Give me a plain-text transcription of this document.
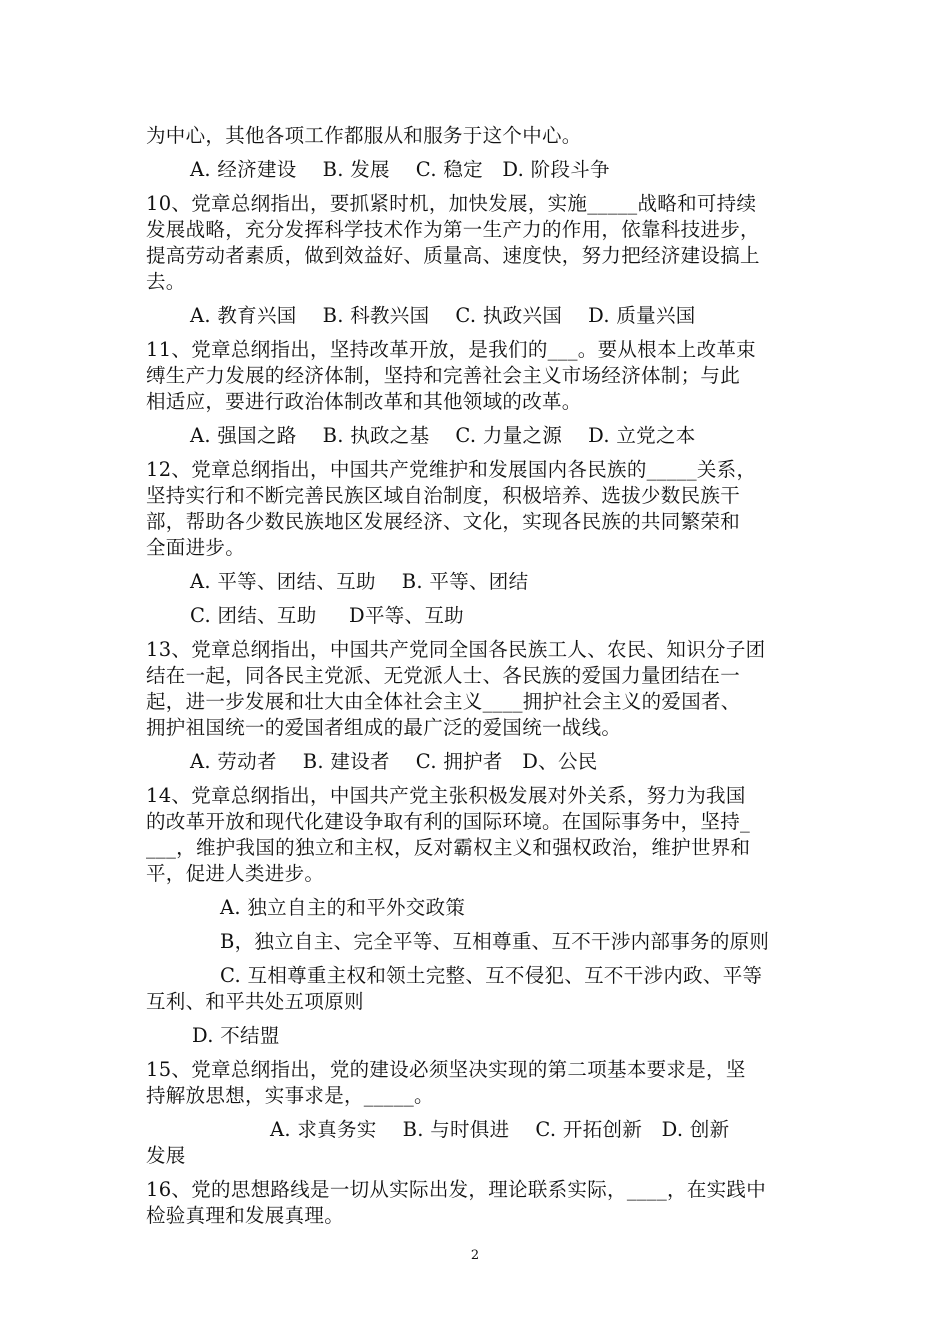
为中心，其他各项工作都服从和服务于这个中心。
A. 经济建设    B. 发展    C. 稳定   D. 阶段斗争
10、党章总纲指出，要抓紧时机，加快发展，实施_____战略和可持续
发展战略，充分发挥科学技术作为第一生产力的作用，依靠科技进步，
提高劳动者素质，做到效益好、质量高、速度快，努力把经济建设搞上
去。
A. 教育兴国    B. 科教兴国    C. 执政兴国    D. 质量兴国
11、党章总纲指出，坚持改革开放，是我们的___。要从根本上改革束
缚生产力发展的经济体制，坚持和完善社会主义市场经济体制；与此
相适应，要进行政治体制改革和其他领域的改革。
A. 强国之路    B. 执政之基    C. 力量之源    D. 立党之本
12、党章总纲指出，中国共产党维护和发展国内各民族的_____关系，
坚持实行和不断完善民族区域自治制度，积极培养、选拔少数民族干
部，帮助各少数民族地区发展经济、文化，实现各民族的共同繁荣和
全面进步。
A. 平等、团结、互助    B. 平等、团结
C. 团结、互助     D平等、互助
13、党章总纲指出，中国共产党同全国各民族工人、农民、知识分子团
结在一起，同各民主党派、无党派人士、各民族的爱国力量团结在一
起，进一步发展和壮大由全体社会主义____拥护社会主义的爱国者、
拥护祖国统一的爱国者组成的最广泛的爱国统一战线。
A. 劳动者    B. 建设者    C. 拥护者   D、公民
14、党章总纲指出，中国共产党主张积极发展对外关系，努力为我国
的改革开放和现代化建设争取有利的国际环境。在国际事务中，坚持_
___，维护我国的独立和主权，反对霸权主义和强权政治，维护世界和
平，促进人类进步。
A. 独立自主的和平外交政策
B，独立自主、完全平等、互相尊重、互不干涉内部事务的原则
C. 互相尊重主权和领土完整、互不侵犯、互不干涉内政、平等
互利、和平共处五项原则
D. 不结盟
15、党章总纲指出，党的建设必须坚决实现的第二项基本要求是，坚
持解放思想，实事求是，_____。
A. 求真务实    B. 与时俱进    C. 开拓创新   D. 创新
发展
16、党的思想路线是一切从实际出发，理论联系实际，____，在实践中
检验真理和发展真理。
2
